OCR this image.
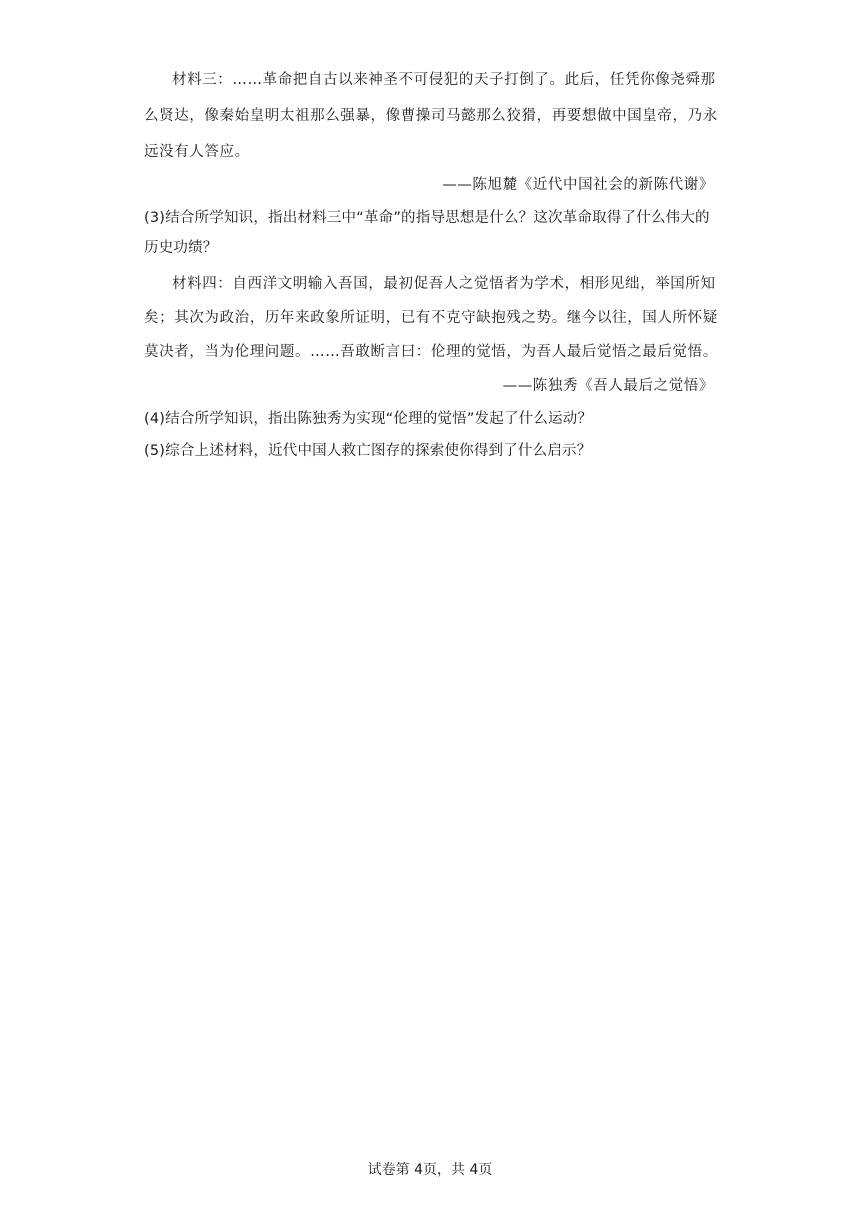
材料三：……革命把自古以来神圣不可侵犯的天子打倒了。此后，任凭你像尧舜那
么贤达，像秦始皇明太祖那么强暴，像曹操司马懿那么狡猾，再要想做中国皇帝，乃永
远没有人答应。
——陈旭麓《近代中国社会的新陈代谢》
(3)结合所学知识，指出材料三中“革命”的指导思想是什么？这次革命取得了什么伟大的
历史功绩？
材料四：自西洋文明输入吾国，最初促吾人之觉悟者为学术，相形见绌，举国所知
矣；其次为政治，历年来政象所证明，已有不克守缺抱残之势。继今以往，国人所怀疑
莫决者，当为伦理问题。……吾敢断言曰：伦理的觉悟，为吾人最后觉悟之最后觉悟。
——陈独秀《吾人最后之觉悟》
(4)结合所学知识，指出陈独秀为实现“伦理的觉悟”发起了什么运动？
(5)综合上述材料，近代中国人救亡图存的探索使你得到了什么启示？
试卷第 4页，共 4页
